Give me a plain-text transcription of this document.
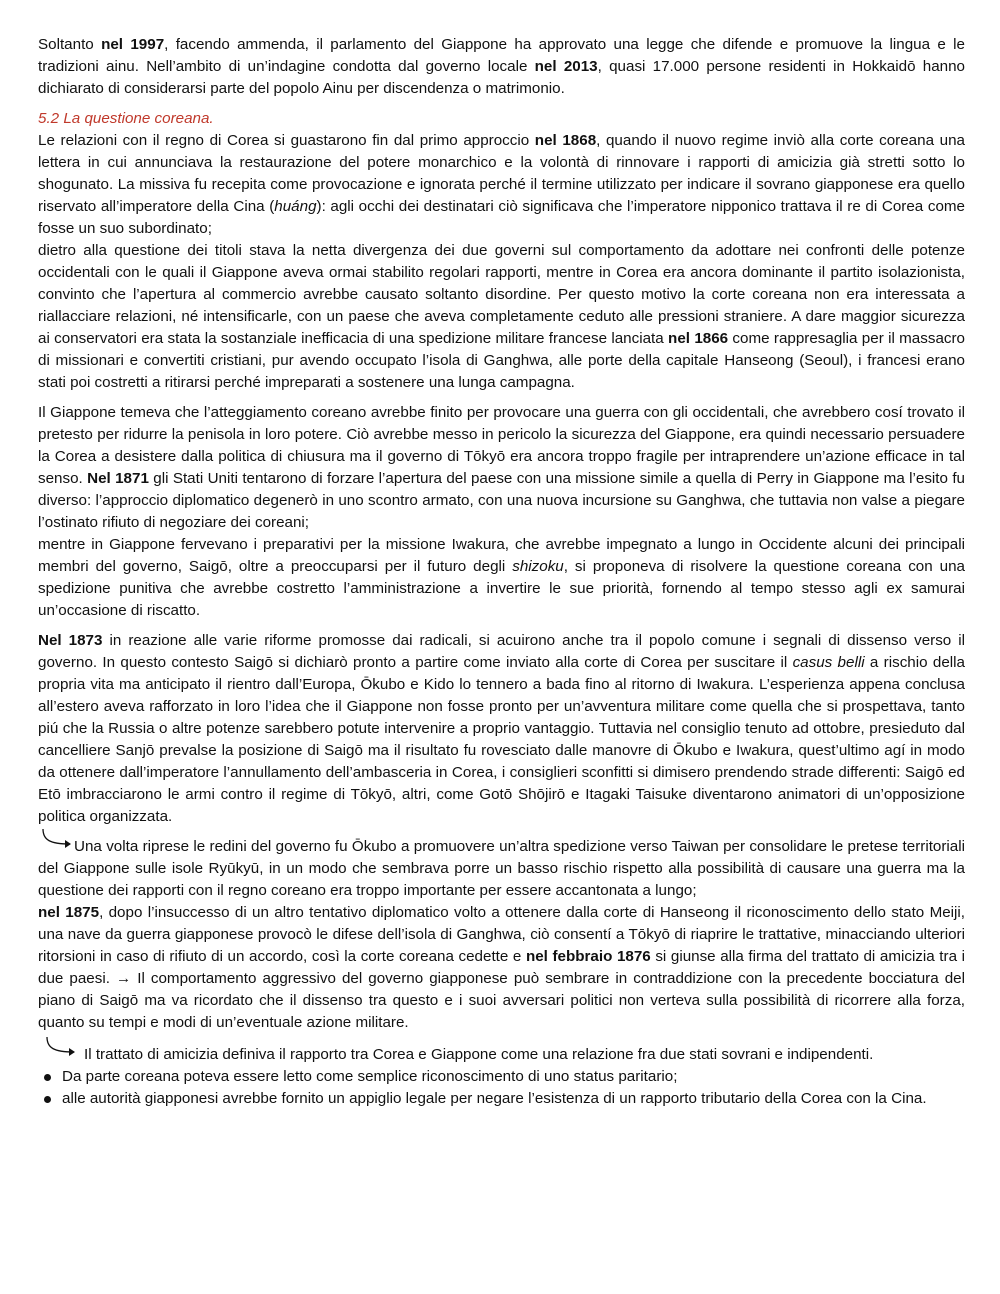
Soltanto nel 1997, facendo ammenda, il parlamento del Giappone ha approvato una legge che difende e promuove la lingua e le tradizioni ainu. Nell’ambito di un’indagine condotta dal governo locale nel 2013, quasi 17.000 persone residenti in Hokkaidō hanno dichiarato di considerarsi parte del popolo Ainu per discendenza o matrimonio.

5.2 La questione coreana.

Le relazioni con il regno di Corea si guastarono fin dal primo approccio nel 1868, quando il nuovo regime inviò alla corte coreana una lettera in cui annunciava la restaurazione del potere monarchico e la volontà di rinnovare i rapporti di amicizia già stretti sotto lo shogunato. La missiva fu recepita come provocazione e ignorata perché il termine utilizzato per indicare il sovrano giapponese era quello riservato all’imperatore della Cina (huáng): agli occhi dei destinatari ciò significava che l’imperatore nipponico trattava il re di Corea come fosse un suo subordinato;

dietro alla questione dei titoli stava la netta divergenza dei due governi sul comportamento da adottare nei confronti delle potenze occidentali con le quali il Giappone aveva ormai stabilito regolari rapporti, mentre in Corea era ancora dominante il partito isolazionista, convinto che l’apertura al commercio avrebbe causato soltanto disordine. Per questo motivo la corte coreana non era interessata a riallacciare relazioni, né intensificarle, con un paese che aveva completamente ceduto alle pressioni straniere. A dare maggior sicurezza ai conservatori era stata la sostanziale inefficacia di una spedizione militare francese lanciata nel 1866 come rappresaglia per il massacro di missionari e convertiti cristiani, pur avendo occupato l’isola di Ganghwa, alle porte della capitale Hanseong (Seoul), i francesi erano stati poi costretti a ritirarsi perché impreparati a sostenere una lunga campagna.

Il Giappone temeva che l’atteggiamento coreano avrebbe finito per provocare una guerra con gli occidentali, che avrebbero cosí trovato il pretesto per ridurre la penisola in loro potere. Ciò avrebbe messo in pericolo la sicurezza del Giappone, era quindi necessario persuadere la Corea a desistere dalla politica di chiusura ma il governo di Tōkyō era ancora troppo fragile per intraprendere un’azione efficace in tal senso. Nel 1871 gli Stati Uniti tentarono di forzare l’apertura del paese con una missione simile a quella di Perry in Giappone ma l’esito fu diverso: l’approccio diplomatico degenerò in uno scontro armato, con una nuova incursione su Ganghwa, che tuttavia non valse a piegare l’ostinato rifiuto di negoziare dei coreani;

mentre in Giappone fervevano i preparativi per la missione Iwakura, che avrebbe impegnato a lungo in Occidente alcuni dei principali membri del governo, Saigō, oltre a preoccuparsi per il futuro degli shizoku, si proponeva di risolvere la questione coreana con una spedizione punitiva che avrebbe costretto l’amministrazione a invertire le sue priorità, fornendo al tempo stesso agli ex samurai un’occasione di riscatto.

Nel 1873 in reazione alle varie riforme promosse dai radicali, si acuirono anche tra il popolo comune i segnali di dissenso verso il governo. In questo contesto Saigō si dichiarò pronto a partire come inviato alla corte di Corea per suscitare il casus belli a rischio della propria vita ma anticipato il rientro dall’Europa, Ōkubo e Kido lo tennero a bada fino al ritorno di Iwakura. L’esperienza appena conclusa all’estero aveva rafforzato in loro l’idea che il Giappone non fosse pronto per un’avventura militare come quella che si prospettava, tanto piú che la Russia o altre potenze sarebbero potute intervenire a proprio vantaggio. Tuttavia nel consiglio tenuto ad ottobre, presieduto dal cancelliere Sanjō prevalse la posizione di Saigō ma il risultato fu rovesciato dalle manovre di Ōkubo e Iwakura, quest’ultimo agí in modo da ottenere dall’imperatore l’annullamento dell’ambasceria in Corea, i consiglieri sconfitti si dimisero prendendo strade differenti: Saigō ed Etō imbracciarono le armi contro il regime di Tōkyō, altri, come Gotō Shōjirō e Itagaki Taisuke diventarono animatori di un’opposizione politica organizzata.

Una volta riprese le redini del governo fu Ōkubo a promuovere un’altra spedizione verso Taiwan per consolidare le pretese territoriali del Giappone sulle isole Ryūkyū, in un modo che sembrava porre un basso rischio rispetto alla possibilità di causare una guerra ma la questione dei rapporti con il regno coreano era troppo importante per essere accantonata a lungo;

nel 1875, dopo l’insuccesso di un altro tentativo diplomatico volto a ottenere dalla corte di Hanseong il riconoscimento dello stato Meiji, una nave da guerra giapponese provocò le difese dell’isola di Ganghwa, ciò consentí a Tōkyō di riaprire le trattative, minacciando ulteriori ritorsioni in caso di rifiuto di un accordo, così la corte coreana cedette e nel febbraio 1876 si giunse alla firma del trattato di amicizia tra i due paesi. → Il comportamento aggressivo del governo giapponese può sembrare in contraddizione con la precedente bocciatura del piano di Saigō ma va ricordato che il dissenso tra questo e i suoi avversari politici non verteva sulla possibilità di ricorrere alla forza, quanto su tempi e modi di un’eventuale azione militare.

Il trattato di amicizia definiva il rapporto tra Corea e Giappone come una relazione fra due stati sovrani e indipendenti.

Da parte coreana poteva essere letto come semplice riconoscimento di uno status paritario;
alle autorità giapponesi avrebbe fornito un appiglio legale per negare l’esistenza di un rapporto tributario della Corea con la Cina.
